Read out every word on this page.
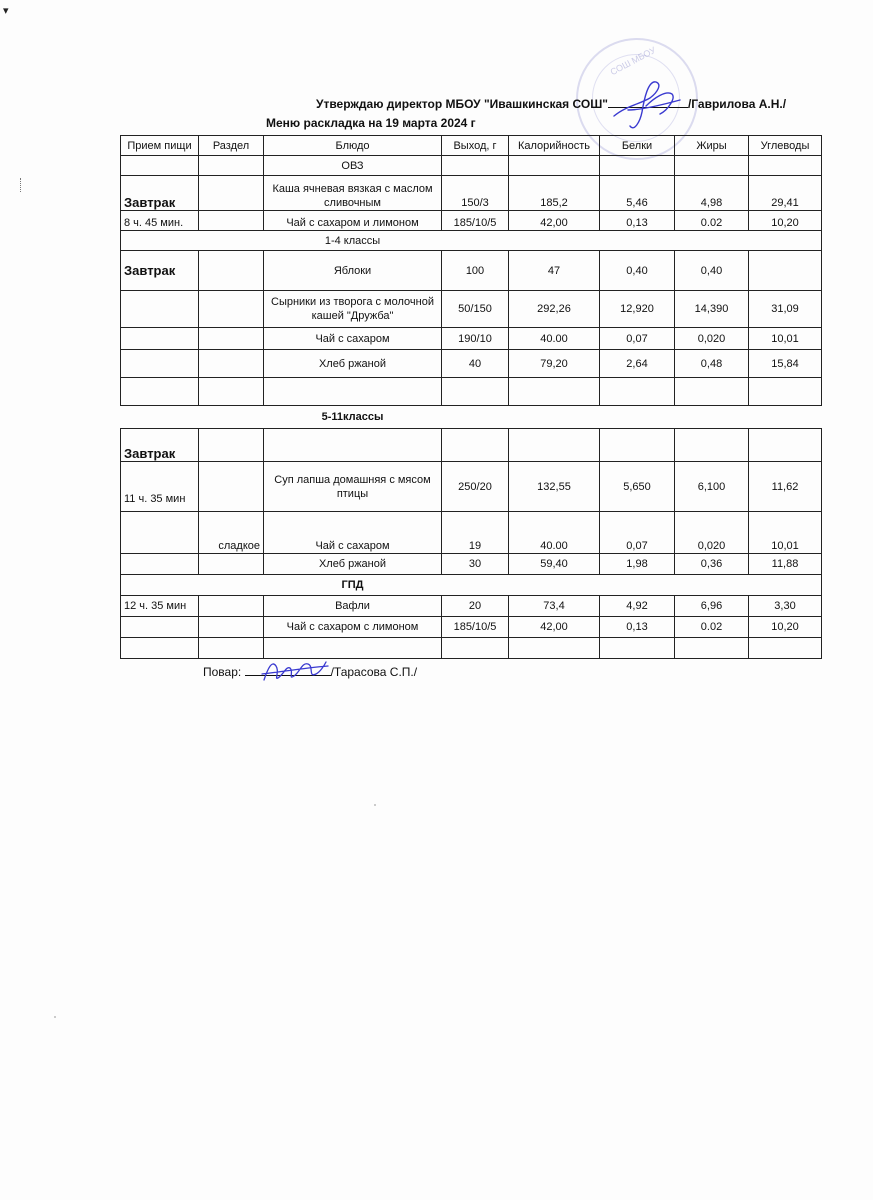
▾
СОШ МБОУ
Утверждаю директор МБОУ "Ивашкинская СОШ"	/Гаврилова А.Н./
Меню раскладка на 19 марта 2024 г
Прием пищи	Раздел	Блюдо	Выход, г	Калорийность	Белки	Жиры	Углеводы
		ОВЗ					
Завтрак		Каша ячневая вязкая с маслом сливочным	150/3	185,2	5,46	4,98	29,41
8 ч. 45 мин.		Чай с сахаром и лимоном	185/10/5	42,00	0,13	0.02	10,20
		1-4 классы					
Завтрак		Яблоки	100	47	0,40	0,40	
		Сырники из творога с молочной кашей "Дружба"	50/150	292,26	12,920	14,390	31,09
		Чай с сахаром	190/10	40.00	0,07	0,020	10,01
		Хлеб ржаной	40	79,20	2,64	0,48	15,84

		5-11классы					
Завтрак							
11 ч. 35 мин		Суп лапша домашняя с мясом птицы	250/20	132,55	5,650	6,100	11,62
	сладкое	Чай с сахаром	19	40.00	0,07	0,020	10,01
		Хлеб ржаной	30	59,40	1,98	0,36	11,88
		ГПД					
12 ч. 35 мин		Вафли	20	73,4	4,92	6,96	3,30
		Чай с сахаром с лимоном	185/10/5	42,00	0,13	0.02	10,20

Повар:	/Тарасова С.П./
